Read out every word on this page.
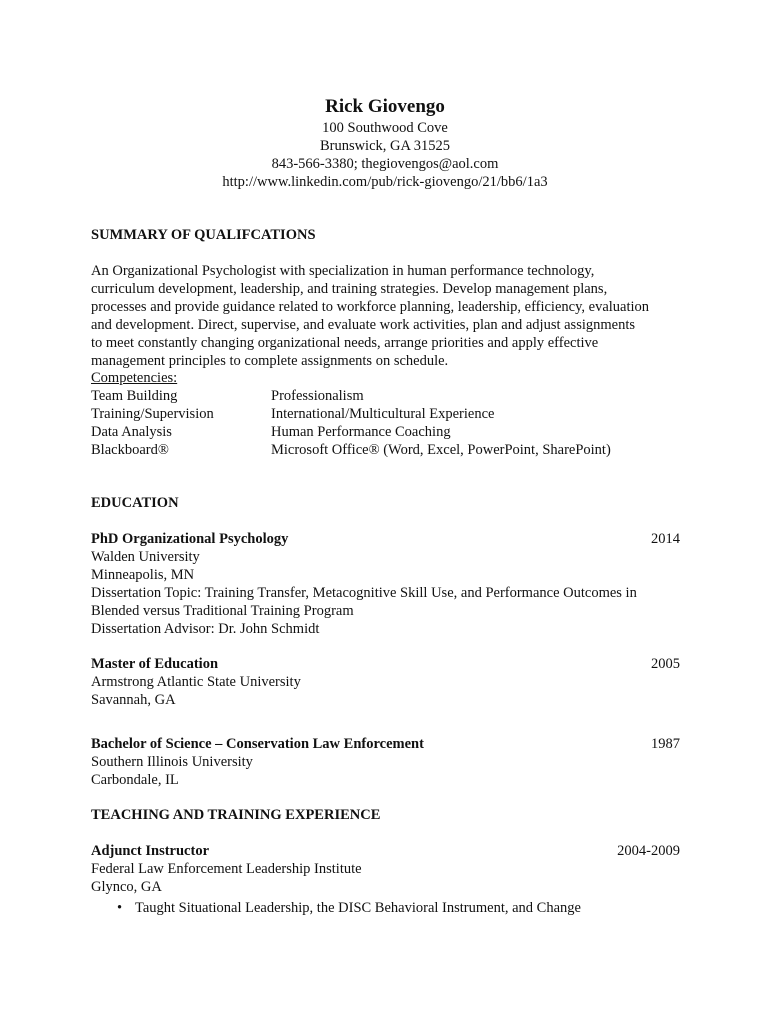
Rick Giovengo
100 Southwood Cove
Brunswick, GA 31525
843-566-3380; thegiovengos@aol.com
http://www.linkedin.com/pub/rick-giovengo/21/bb6/1a3
SUMMARY OF QUALIFCATIONS
An Organizational Psychologist with specialization in human performance technology,
curriculum development, leadership, and training strategies. Develop management plans,
processes and provide guidance related to workforce planning, leadership, efficiency, evaluation
and development. Direct, supervise, and evaluate work activities, plan and adjust assignments
to meet constantly changing organizational needs, arrange priorities and apply effective
management principles to complete assignments on schedule.
Competencies:
Team Building	Professionalism
Training/Supervision	International/Multicultural Experience
Data Analysis	Human Performance Coaching
Blackboard®	Microsoft Office® (Word, Excel, PowerPoint, SharePoint)
EDUCATION
PhD Organizational Psychology	2014
Walden University
Minneapolis, MN
Dissertation Topic: Training Transfer, Metacognitive Skill Use, and Performance Outcomes in
Blended versus Traditional Training Program
Dissertation Advisor: Dr. John Schmidt
Master of Education	2005
Armstrong Atlantic State University
Savannah, GA
Bachelor of Science – Conservation Law Enforcement	1987
Southern Illinois University
Carbondale, IL
TEACHING AND TRAINING EXPERIENCE
Adjunct Instructor	2004-2009
Federal Law Enforcement Leadership Institute
Glynco, GA
• Taught Situational Leadership, the DISC Behavioral Instrument, and Change
